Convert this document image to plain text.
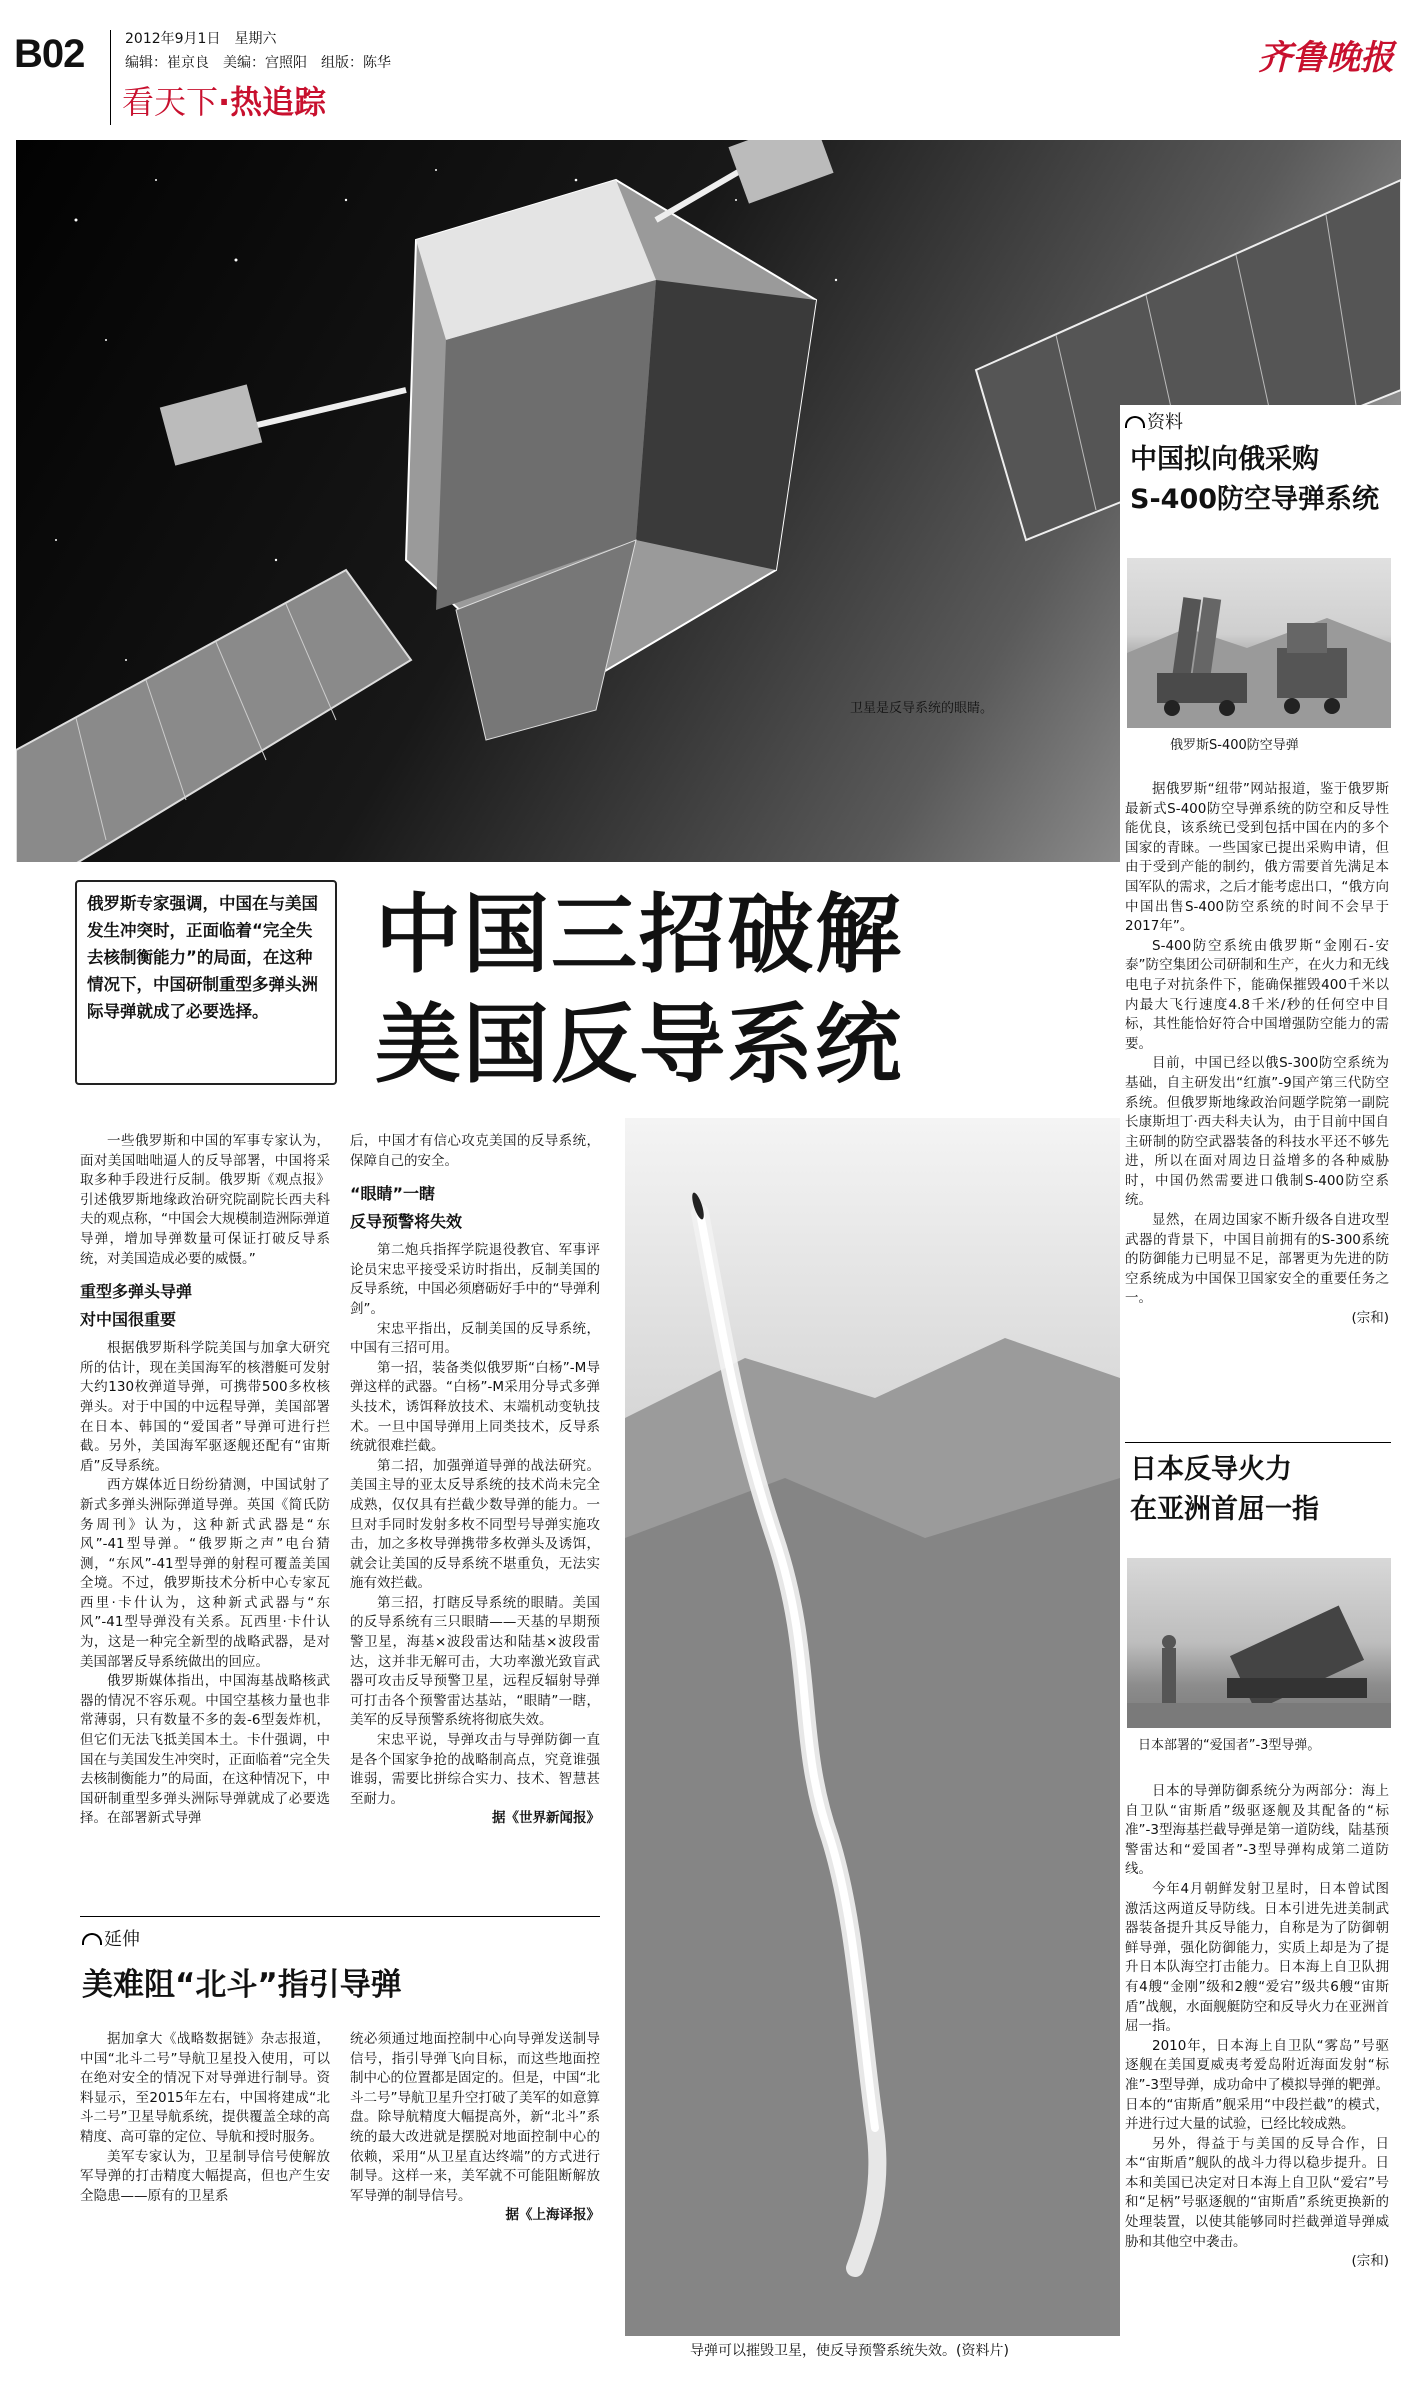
B02	2012年9月1日　星期六
编辑：崔京良　美编：宫照阳　组版：陈华
看天下·热追踪
齐鲁晚报
卫星是反导系统的眼睛。
资料
中国拟向俄采购
S-400防空导弹系统
俄罗斯S-400防空导弹

据俄罗斯“纽带”网站报道，鉴于俄罗斯最新式S-400防空导弹系统的防空和反导性能优良，该系统已受到包括中国在内的多个国家的青睐。一些国家已提出采购申请，但由于受到产能的制约，俄方需要首先满足本国军队的需求，之后才能考虑出口，“俄方向中国出售S-400防空系统的时间不会早于2017年”。

S-400防空系统由俄罗斯“金刚石-安泰”防空集团公司研制和生产，在火力和无线电电子对抗条件下，能确保摧毁400千米以内最大飞行速度4.8千米/秒的任何空中目标，其性能恰好符合中国增强防空能力的需要。

目前，中国已经以俄S-300防空系统为基础，自主研发出“红旗”-9国产第三代防空系统。但俄罗斯地缘政治问题学院第一副院长康斯坦丁·西夫科夫认为，由于目前中国自主研制的防空武器装备的科技水平还不够先进，所以在面对周边日益增多的各种威胁时，中国仍然需要进口俄制S-400防空系统。

显然，在周边国家不断升级各自进攻型武器的背景下，中国目前拥有的S-300系统的防御能力已明显不足，部署更为先进的防空系统成为中国保卫国家安全的重要任务之一。

(宗和)
日本反导火力
在亚洲首屈一指
日本部署的“爱国者”-3型导弹。

日本的导弹防御系统分为两部分：海上自卫队“宙斯盾”级驱逐舰及其配备的“标准”-3型海基拦截导弹是第一道防线，陆基预警雷达和“爱国者”-3型导弹构成第二道防线。

今年4月朝鲜发射卫星时，日本曾试图激活这两道反导防线。日本引进先进美制武器装备提升其反导能力，自称是为了防御朝鲜导弹，强化防御能力，实质上却是为了提升日本队海空打击能力。日本海上自卫队拥有4艘“金刚”级和2艘“爱宕”级共6艘“宙斯盾”战舰，水面舰艇防空和反导火力在亚洲首屈一指。

2010年，日本海上自卫队“雾岛”号驱逐舰在美国夏威夷考爱岛附近海面发射“标准”-3型导弹，成功命中了模拟导弹的靶弹。日本的“宙斯盾”舰采用“中段拦截”的模式，并进行过大量的试验，已经比较成熟。

另外，得益于与美国的反导合作，日本“宙斯盾”舰队的战斗力得以稳步提升。日本和美国已决定对日本海上自卫队“爱宕”号和“足柄”号驱逐舰的“宙斯盾”系统更换新的处理装置，以使其能够同时拦截弹道导弹威胁和其他空中袭击。

(宗和)
俄罗斯专家强调，中国在与美国发生冲突时，正面临着“完全失去核制衡能力”的局面，在这种情况下，中国研制重型多弹头洲际导弹就成了必要选择。
中国三招破解
美国反导系统

一些俄罗斯和中国的军事专家认为，面对美国咄咄逼人的反导部署，中国将采取多种手段进行反制。俄罗斯《观点报》引述俄罗斯地缘政治研究院副院长西夫科夫的观点称，“中国会大规模制造洲际弹道导弹，增加导弹数量可保证打破反导系统，对美国造成必要的威慑。”

重型多弹头导弹
对中国很重要

根据俄罗斯科学院美国与加拿大研究所的估计，现在美国海军的核潜艇可发射大约130枚弹道导弹，可携带500多枚核弹头。对于中国的中远程导弹，美国部署在日本、韩国的“爱国者”导弹可进行拦截。另外，美国海军驱逐舰还配有“宙斯盾”反导系统。

西方媒体近日纷纷猜测，中国试射了新式多弹头洲际弹道导弹。英国《简氏防务周刊》认为，这种新式武器是“东风”-41型导弹。“俄罗斯之声”电台猜测，“东风”-41型导弹的射程可覆盖美国全境。不过，俄罗斯技术分析中心专家瓦西里·卡什认为，这种新式武器与“东风”-41型导弹没有关系。瓦西里·卡什认为，这是一种完全新型的战略武器，是对美国部署反导系统做出的回应。

俄罗斯媒体指出，中国海基战略核武器的情况不容乐观。中国空基核力量也非常薄弱，只有数量不多的轰-6型轰炸机，但它们无法飞抵美国本土。卡什强调，中国在与美国发生冲突时，正面临着“完全失去核制衡能力”的局面，在这种情况下，中国研制重型多弹头洲际导弹就成了必要选择。在部署新式导弹

后，中国才有信心攻克美国的反导系统，保障自己的安全。

“眼睛”一瞎
反导预警将失效

第二炮兵指挥学院退役教官、军事评论员宋忠平接受采访时指出，反制美国的反导系统，中国必须磨砺好手中的“导弹利剑”。

宋忠平指出，反制美国的反导系统，中国有三招可用。

第一招，装备类似俄罗斯“白杨”-M导弹这样的武器。“白杨”-M采用分导式多弹头技术，诱饵释放技术、末端机动变轨技术。一旦中国导弹用上同类技术，反导系统就很难拦截。

第二招，加强弹道导弹的战法研究。美国主导的亚太反导系统的技术尚未完全成熟，仅仅具有拦截少数导弹的能力。一旦对手同时发射多枚不同型号导弹实施攻击，加之多枚导弹携带多枚弹头及诱饵，就会让美国的反导系统不堪重负，无法实施有效拦截。

第三招，打瞎反导系统的眼睛。美国的反导系统有三只眼睛——天基的早期预警卫星，海基×波段雷达和陆基×波段雷达，这并非无解可击，大功率激光致盲武器可攻击反导预警卫星，远程反辐射导弹可打击各个预警雷达基站，“眼睛”一瞎，美军的反导预警系统将彻底失效。

宋忠平说，导弹攻击与导弹防御一直是各个国家争抢的战略制高点，究竟谁强谁弱，需要比拼综合实力、技术、智慧甚至耐力。

据《世界新闻报》
导弹可以摧毁卫星，使反导预警系统失效。(资料片)
延伸
美难阻“北斗”指引导弹

据加拿大《战略数据链》杂志报道，中国“北斗二号”导航卫星投入使用，可以在绝对安全的情况下对导弹进行制导。资料显示，至2015年左右，中国将建成“北斗二号”卫星导航系统，提供覆盖全球的高精度、高可靠的定位、导航和授时服务。

美军专家认为，卫星制导信号使解放军导弹的打击精度大幅提高，但也产生安全隐患——原有的卫星系

统必须通过地面控制中心向导弹发送制导信号，指引导弹飞向目标，而这些地面控制中心的位置都是固定的。但是，中国“北斗二号”导航卫星升空打破了美军的如意算盘。除导航精度大幅提高外，新“北斗”系统的最大改进就是摆脱对地面控制中心的依赖，采用“从卫星直达终端”的方式进行制导。这样一来，美军就不可能阻断解放军导弹的制导信号。

据《上海译报》
